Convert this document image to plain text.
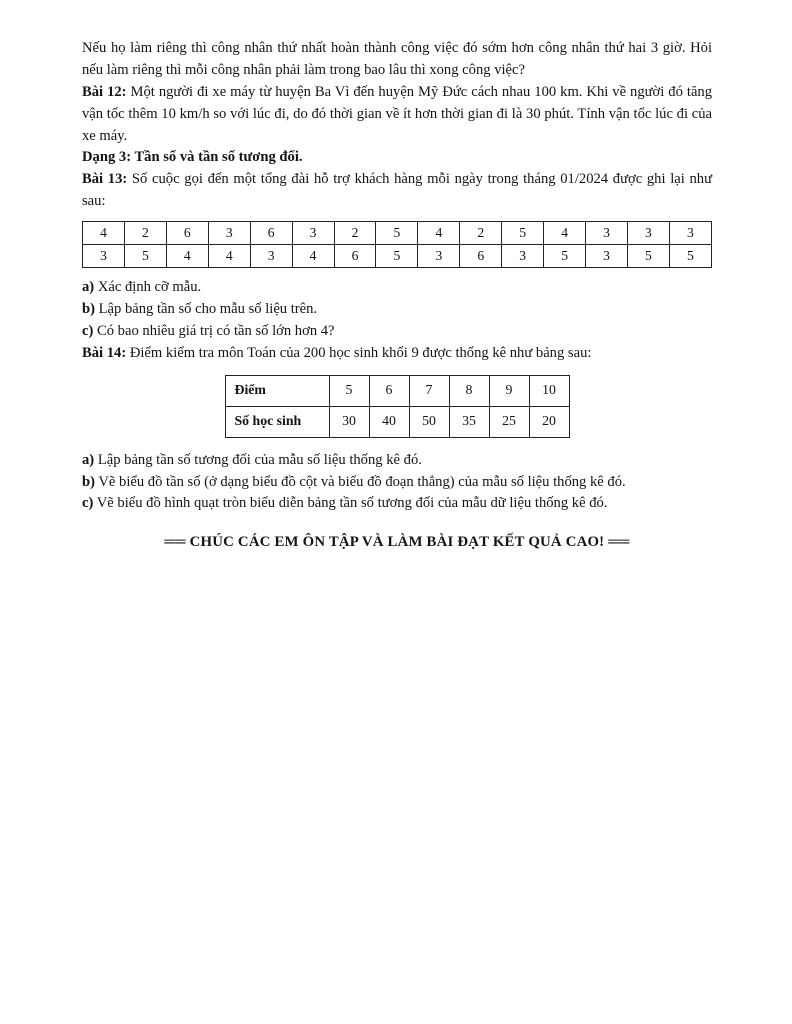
Nếu họ làm riêng thì công nhân thứ nhất hoàn thành công việc đó sớm hơn công nhân thứ hai 3 giờ. Hỏi nếu làm riêng thì mỗi công nhân phải làm trong bao lâu thì xong công việc?

Bài 12: Một người đi xe máy từ huyện Ba Vì đến huyện Mỹ Đức cách nhau 100 km. Khi về người đó tăng vận tốc thêm 10 km/h so với lúc đi, do đó thời gian về ít hơn thời gian đi là 30 phút. Tính vận tốc lúc đi của xe máy.

Dạng 3: Tần số và tần số tương đối.

Bài 13: Số cuộc gọi đến một tổng đài hỗ trợ khách hàng mỗi ngày trong tháng 01/2024 được ghi lại như sau:

4	2	6	3	6	3	2	5	4	2	5	4	3	3	3
3	5	4	4	3	4	6	5	3	6	3	5	3	5	5

a) Xác định cỡ mẫu.

b) Lập bảng tần số cho mẫu số liệu trên.

c) Có bao nhiêu giá trị có tần số lớn hơn 4?

Bài 14: Điểm kiểm tra môn Toán của 200 học sinh khối 9 được thống kê như bảng sau:

Điểm	5	6	7	8	9	10
Số học sinh	30	40	50	35	25	20

a) Lập bảng tần số tương đối của mẫu số liệu thống kê đó.

b) Vẽ biểu đồ tần số (ở dạng biểu đồ cột và biểu đồ đoạn thẳng) của mẫu số liệu thống kê đó.

c) Vẽ biểu đồ hình quạt tròn biểu diễn bảng tần số tương đối của mẫu dữ liệu thống kê đó.

══ CHÚC CÁC EM ÔN TẬP VÀ LÀM BÀI ĐẠT KẾT QUẢ CAO! ══
